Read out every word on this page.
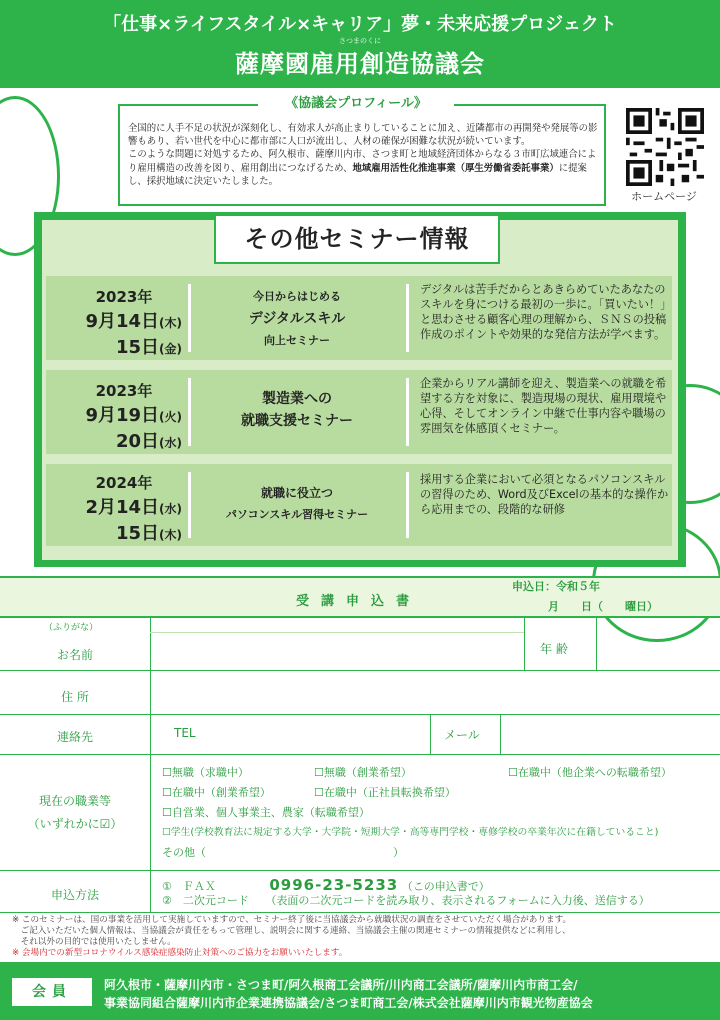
「仕事×ライフスタイル×キャリア」夢・未来応援プロジェクト
さつまのくに
薩摩國雇用創造協議会
全国的に人手不足の状況が深刻化し、有効求人が高止まりしていることに加え、近隣都市の再開発や発展等の影響もあり、若い世代を中心に都市部に人口が流出し、人材の確保が困難な状況が続いています。
このような問題に対処するため、阿久根市、薩摩川内市、さつま町と地域経済団体からなる３市町広域連合により雇用構造の改善を図り、雇用創出につなげるため、地域雇用活性化推進事業（厚生労働省委託事業）に提案し、採択地域に決定いたしました。
《協議会プロフィール》
ホームページ
その他セミナー情報
2023年
9月14日(木)
15日(金)
今日からはじめる
デジタルスキル
向上セミナー
デジタルは苦手だからとあきらめていたあなたのスキルを身につける最初の一歩に。「買いたい！」と思わさせる顧客心理の理解から、ＳＮＳの投稿作成のポイントや効果的な発信方法が学べます。
2023年
9月19日(火)
20日(水)
製造業への
就職支援セミナー
企業からリアル講師を迎え、製造業への就職を希望する方を対象に、製造現場の現状、雇用環境や心得、そしてオンライン中継で仕事内容や職場の雰囲気を体感頂くセミナー。
2024年
2月14日(水)
15日(木)
就職に役立つ
パソコンスキル習得セミナー
採用する企業において必須となるパソコンスキルの習得のため、Word及びExcelの基本的な操作から応用までの、段階的な研修
受講申込書
申込日：令和５年
月　　日（　　曜日）
（ふりがな）
お名前	年 齢
住 所
連絡先	TEL	メール
現在の職業等
（いずれかに☑）
☐無職（求職中）	☐無職（創業希望）	☐在職中（他企業への転職希望）
☐在職中（創業希望）	☐在職中（正社員転換希望）
☐自営業、個人事業主、農家（転職希望）
☐学生(学校教育法に規定する大学・大学院・短期大学・高等専門学校・専修学校の卒業年次に在籍していること)
その他（　　　　　　　　　　　　　　　　　）
申込方法
①　ＦＡＸ	0996-23-5233 （この申込書で）
②　二次元コード　　（表面の二次元コードを読み取り、表示されるフォームに入力後、送信する）
※ このセミナーは、国の事業を活用して実施していますので、セミナー終了後に当協議会から就職状況の調査をさせていただく場合があります。
　ご記入いただいた個人情報は、当協議会が責任をもって管理し、説明会に関する連絡、当協議会主催の関連セミナーの情報提供などに利用し、
　それ以外の目的では使用いたしません。
※ 会場内での新型コロナウイルス感染症感染防止対策へのご協力をお願いいたします。
会員	阿久根市・薩摩川内市・さつま町/阿久根商工会議所/川内商工会議所/薩摩川内市商工会/
事業協同組合薩摩川内市企業連携協議会/さつま町商工会/株式会社薩摩川内市観光物産協会
